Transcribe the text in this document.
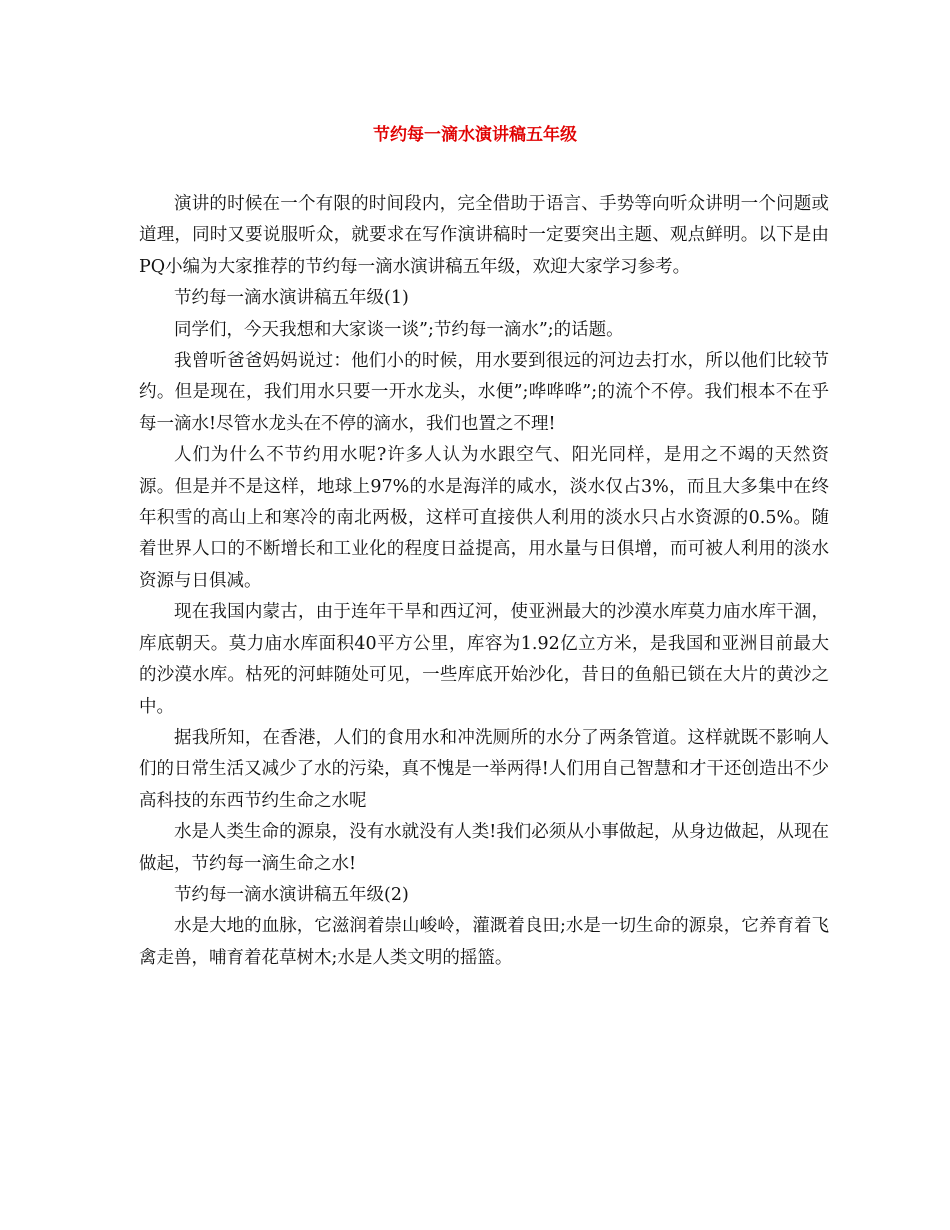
节约每一滴水演讲稿五年级

演讲的时候在一个有限的时间段内，完全借助于语言、手势等向听众讲明一个问题或道理，同时又要说服听众，就要求在写作演讲稿时一定要突出主题、观点鲜明。以下是由PQ小编为大家推荐的节约每一滴水演讲稿五年级，欢迎大家学习参考。

节约每一滴水演讲稿五年级(1)

同学们，今天我想和大家谈一谈”;节约每一滴水”;的话题。

我曾听爸爸妈妈说过：他们小的时候，用水要到很远的河边去打水，所以他们比较节约。但是现在，我们用水只要一开水龙头，水便”;哗哗哗”;的流个不停。我们根本不在乎每一滴水!尽管水龙头在不停的滴水，我们也置之不理!

人们为什么不节约用水呢?许多人认为水跟空气、阳光同样，是用之不竭的天然资源。但是并不是这样，地球上97%的水是海洋的咸水，淡水仅占3%，而且大多集中在终年积雪的高山上和寒冷的南北两极，这样可直接供人利用的淡水只占水资源的0.5%。随着世界人口的不断增长和工业化的程度日益提高，用水量与日俱增，而可被人利用的淡水资源与日俱减。

现在我国内蒙古，由于连年干旱和西辽河，使亚洲最大的沙漠水库莫力庙水库干涸，库底朝天。莫力庙水库面积40平方公里，库容为1.92亿立方米，是我国和亚洲目前最大的沙漠水库。枯死的河蚌随处可见，一些库底开始沙化，昔日的鱼船已锁在大片的黄沙之中。

据我所知，在香港，人们的食用水和冲洗厕所的水分了两条管道。这样就既不影响人们的日常生活又减少了水的污染，真不愧是一举两得!人们用自己智慧和才干还创造出不少高科技的东西节约生命之水呢

水是人类生命的源泉，没有水就没有人类!我们必须从小事做起，从身边做起，从现在做起，节约每一滴生命之水!

节约每一滴水演讲稿五年级(2)

水是大地的血脉，它滋润着崇山峻岭，灌溉着良田;水是一切生命的源泉，它养育着飞禽走兽，哺育着花草树木;水是人类文明的摇篮。
